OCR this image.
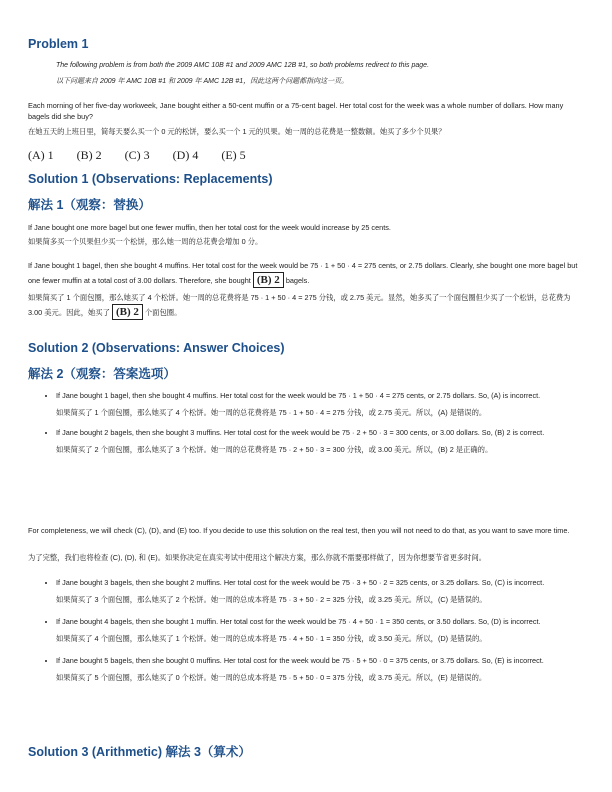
Problem 1
The following problem is from both the 2009 AMC 10B #1 and 2009 AMC 12B #1, so both problems redirect to this page.
以下问题来自 2009 年 AMC 10B #1 和 2009 年 AMC 12B #1，因此这两个问题都指向这一页。

Each morning of her five-day workweek, Jane bought either a 50-cent muffin or a 75-cent bagel. Her total cost for the week was a whole number of dollars. How many bagels did she buy?

在她五天的上班日里，简每天要么买一个 0 元的松饼，要么买一个 1 元的贝果。她一周的总花费是一整数额。她买了多少个贝果？

(A) 1 (B) 2 (C) 3 (D) 4 (E) 5
Solution 1 (Observations: Replacements)
解法 1（观察：替换）

If Jane bought one more bagel but one fewer muffin, then her total cost for the week would increase by 25 cents.

如果简多买一个贝果但少买一个松饼，那么她一周的总花费会增加 0 分。

If Jane bought 1 bagel, then she bought 4 muffins. Her total cost for the week would be 75 · 1 + 50 · 4 = 275 cents, or 2.75 dollars. Clearly, she bought one more bagel but one fewer muffin at a total cost of 3.00 dollars. Therefore, she bought (B) 2 bagels.

如果简买了 1 个面包圈，那么她买了 4 个松饼。她一周的总花费将是 75 · 1 + 50 · 4 = 275 分钱，或 2.75 美元。显然，她多买了一个面包圈但少买了一个松饼，总花费为 3.00 美元。因此，她买了 (B) 2 个面包圈。

Solution 2 (Observations: Answer Choices)
解法 2（观察：答案选项）
• If Jane bought 1 bagel, then she bought 4 muffins. Her total cost for the week would be 75 · 1 + 50 · 4 = 275 cents, or 2.75 dollars. So, (A) is incorrect.
如果简买了 1 个面包圈，那么她买了 4 个松饼。她一周的总花费将是 75 · 1 + 50 · 4 = 275 分钱，或 2.75 美元。所以，(A) 是错误的。
• If Jane bought 2 bagels, then she bought 3 muffins. Her total cost for the week would be 75 · 2 + 50 · 3 = 300 cents, or 3.00 dollars. So, (B) 2 is correct.
如果简买了 2 个面包圈，那么她买了 3 个松饼。她一周的总花费将是 75 · 2 + 50 · 3 = 300 分钱，或 3.00 美元。所以，(B) 2 是正确的。

For completeness, we will check (C), (D), and (E) too. If you decide to use this solution on the real test, then you will not need to do that, as you want to save more time.

为了完整，我们也将检查 (C), (D), 和 (E)。如果你决定在真实考试中使用这个解决方案，那么你就不需要那样做了，因为你想要节省更多时间。

• If Jane bought 3 bagels, then she bought 2 muffins. Her total cost for the week would be 75 · 3 + 50 · 2 = 325 cents, or 3.25 dollars. So, (C) is incorrect.
如果简买了 3 个面包圈，那么她买了 2 个松饼。她一周的总成本将是 75 · 3 + 50 · 2 = 325 分钱，或 3.25 美元。所以，(C) 是错误的。
• If Jane bought 4 bagels, then she bought 1 muffin. Her total cost for the week would be 75 · 4 + 50 · 1 = 350 cents, or 3.50 dollars. So, (D) is incorrect.
如果简买了 4 个面包圈，那么她买了 1 个松饼。她一周的总成本将是 75 · 4 + 50 · 1 = 350 分钱，或 3.50 美元。所以，(D) 是错误的。
• If Jane bought 5 bagels, then she bought 0 muffins. Her total cost for the week would be 75 · 5 + 50 · 0 = 375 cents, or 3.75 dollars. So, (E) is incorrect.
如果简买了 5 个面包圈，那么她买了 0 个松饼。她一周的总成本将是 75 · 5 + 50 · 0 = 375 分钱，或 3.75 美元。所以，(E) 是错误的。
Solution 3 (Arithmetic) 解法 3（算术）
